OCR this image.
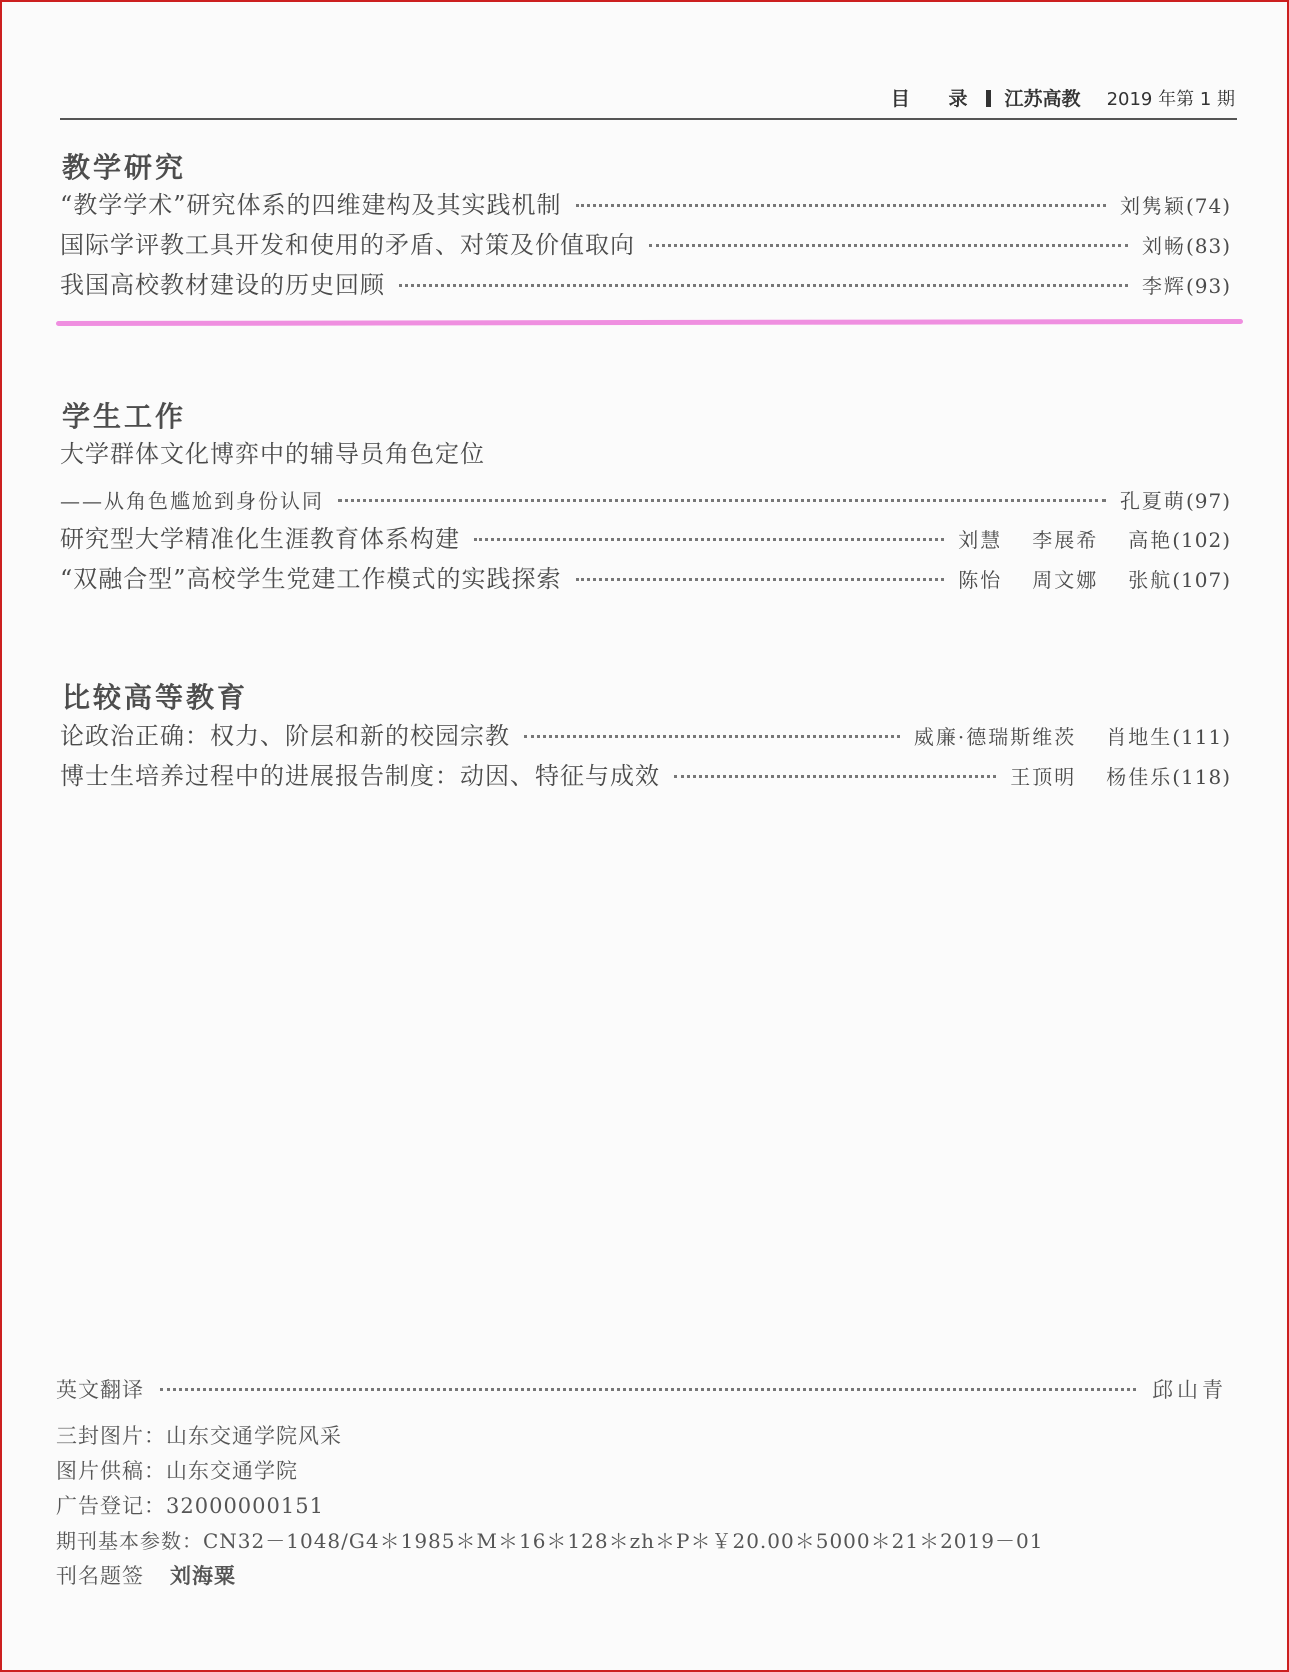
目 录 江苏高教 2019 年第 1 期
教学研究
“教学学术”研究体系的四维建构及其实践机制	刘隽颖 (74)
国际学评教工具开发和使用的矛盾、对策及价值取向	刘畅 (83)
我国高校教材建设的历史回顾	李辉 (93)
学生工作
大学群体文化博弈中的辅导员角色定位
——从角色尴尬到身份认同	孔夏萌 (97)
研究型大学精准化生涯教育体系构建	刘慧 李展希 高艳 (102)
“双融合型”高校学生党建工作模式的实践探索	陈怡 周文娜 张航 (107)
比较高等教育
论政治正确：权力、阶层和新的校园宗教	威廉·德瑞斯维茨 肖地生 (111)
博士生培养过程中的进展报告制度：动因、特征与成效	王顶明 杨佳乐 (118)
英文翻译	邱山青
三封图片：山东交通学院风采
图片供稿：山东交通学院
广告登记：32000000151
期刊基本参数：CN32－1048/G4＊1985＊M＊16＊128＊zh＊P＊￥20.00＊5000＊21＊2019－01
刊名题签 刘海粟
